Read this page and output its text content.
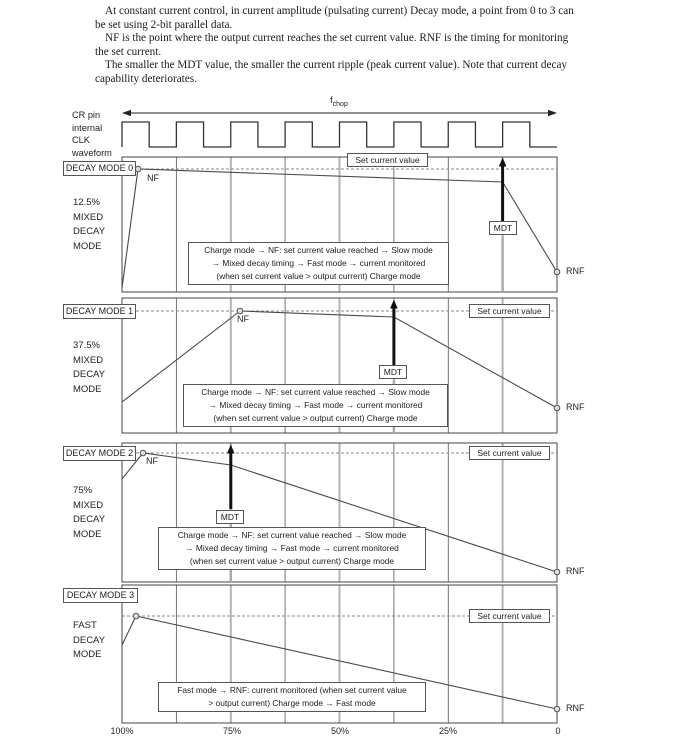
At constant current control, in current amplitude (pulsating current) Decay mode, a point from 0 to 3 can
be set using 2-bit parallel data.
NF is the point where the output current reaches the set current value. RNF is the timing for monitoring
the set current.
The smaller the MDT value, the smaller the current ripple (peak current value). Note that current decay
capability deteriorates.
CR pin
internal
CLK
waveform
$f_{chop}$
DECAY MODE 0
12.5%
MIXED
DECAY
MODE
Set current value
NF
MDT
RNF
Charge mode → NF: set current value reached → Slow mode
→ Mixed decay timing → Fast mode → current monitored
(when set current value > output current) Charge mode
DECAY MODE 1
37.5%
MIXED
DECAY
MODE
NF
Set current value
MDT
RNF
Charge mode → NF: set current value reached → Slow mode
→ Mixed decay timing → Fast mode → current monitored
(when set current value > output current) Charge mode
DECAY MODE 2
75%
MIXED
DECAY
MODE
NF
Set current value
MDT
RNF
Charge mode → NF: set current value reached → Slow mode
→ Mixed decay timing → Fast mode → current monitored
(when set current value > output current) Charge mode
DECAY MODE 3
FAST
DECAY
MODE
Set current value
RNF
Fast mode → RNF: current monitored (when set current value
> output current) Charge mode → Fast mode
100%	75%	50%	25%	0
